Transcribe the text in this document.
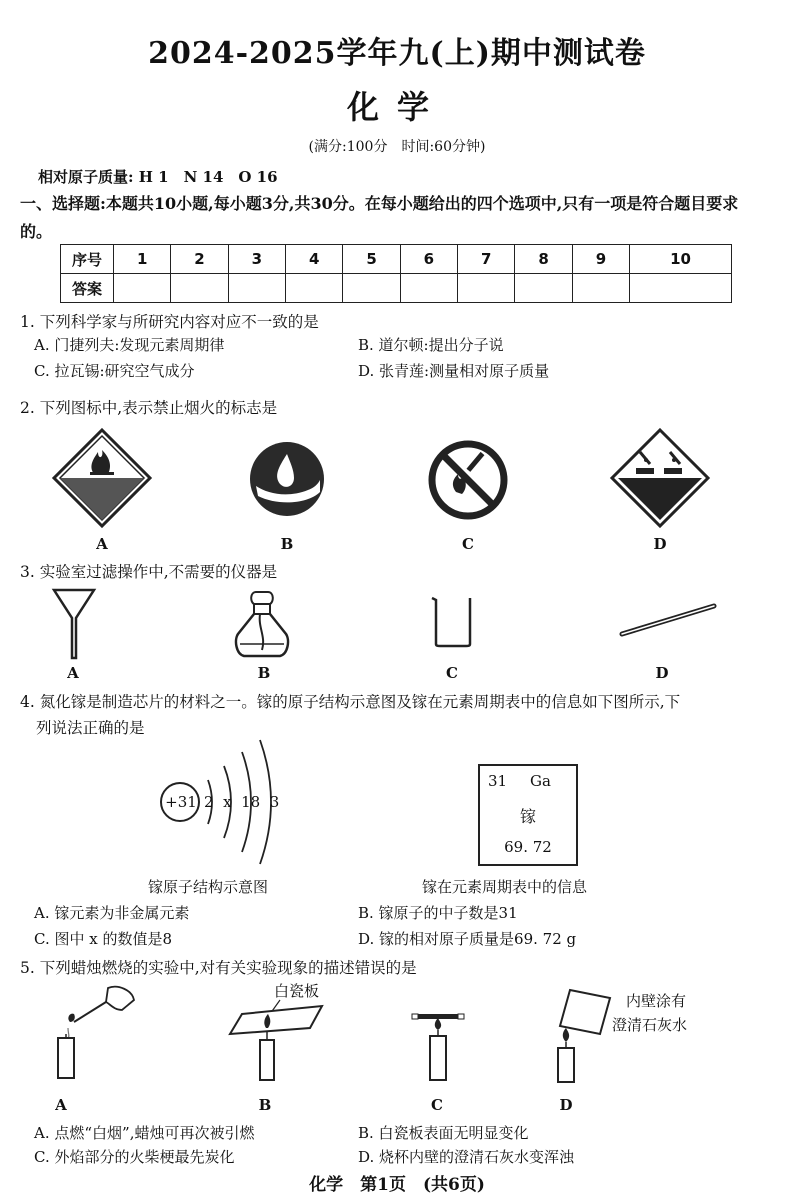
2024-2025学年九(上)期中测试卷
化学
(满分:100分　时间:60分钟)
相对原子质量: H 1　N 14　O 16
一、选择题:本题共10小题,每小题3分,共30分。在每小题给出的四个选项中,只有一项是符合题目要求的。
序号	1	2	3	4	5	6	7	8	9	10
答案										
1. 下列科学家与所研究内容对应不一致的是
A. 门捷列夫:发现元素周期律	B. 道尔顿:提出分子说
C. 拉瓦锡:研究空气成分	D. 张青莲:测量相对原子质量
2. 下列图标中,表示禁止烟火的标志是
A	B	C	D
3. 实验室过滤操作中,不需要的仪器是
A	B	C	D
4. 氮化镓是制造芯片的材料之一。镓的原子结构示意图及镓在元素周期表中的信息如下图所示,下
列说法正确的是
+31 2  x  18  3
31 Ga
镓
69. 72
镓原子结构示意图	镓在元素周期表中的信息
A. 镓元素为非金属元素	B. 镓原子的中子数是31
C. 图中 x 的数值是8	D. 镓的相对原子质量是69. 72 g
5. 下列蜡烛燃烧的实验中,对有关实验现象的描述错误的是
A
白瓷板
B	C
内壁涂有
澄清石灰水
D
A. 点燃“白烟”,蜡烛可再次被引燃	B. 白瓷板表面无明显变化
C. 外焰部分的火柴梗最先炭化	D. 烧杯内壁的澄清石灰水变浑浊
化学　第1页　(共6页)
